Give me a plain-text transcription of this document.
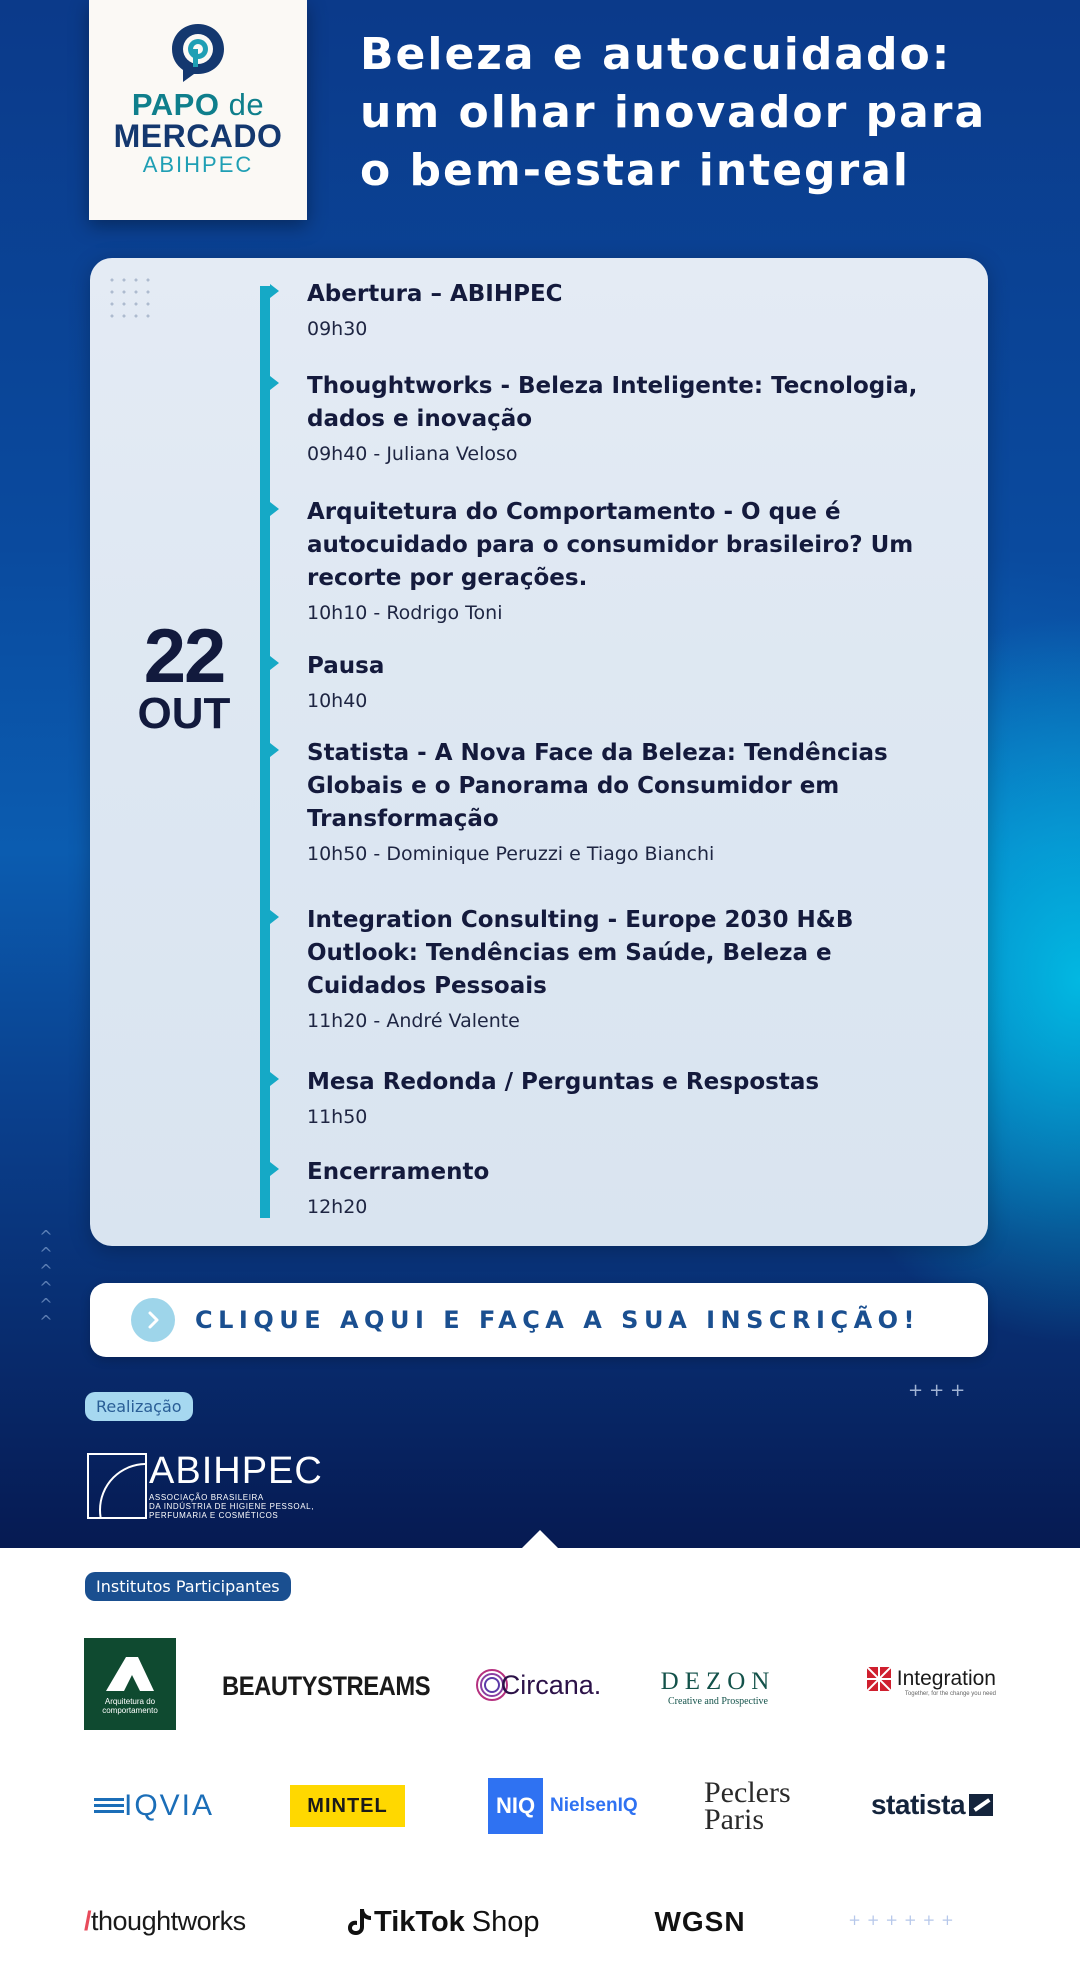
PAPO de
MERCADO
ABIHPEC
Beleza e autocuidado:
um olhar inovador para
o bem-estar integral
22
OUT
Abertura – ABIHPEC
09h30
Thoughtworks - Beleza Inteligente: Tecnologia, dados e inovação
09h40 - Juliana Veloso
Arquitetura do Comportamento - O que é autocuidado para o consumidor brasileiro? Um recorte por gerações.
10h10 - Rodrigo Toni
Pausa
10h40
Statista - A Nova Face da Beleza: Tendências Globais e o Panorama do Consumidor em Transformação
10h50 - Dominique Peruzzi e Tiago Bianchi
Integration Consulting - Europe 2030 H&B Outlook: Tendências em Saúde, Beleza e Cuidados Pessoais
11h20 - André Valente
Mesa Redonda / Perguntas e Respostas
11h50
Encerramento
12h20
^
^
^
^
^
^	CLIQUE AQUI E FAÇA A SUA INSCRIÇÃO!
+++
Realização
ABIHPEC
ASSOCIAÇÃO BRASILEIRA
DA INDÚSTRIA DE HIGIENE PESSOAL,
PERFUMARIA E COSMÉTICOS
Institutos Participantes
Arquitetura do
comportamento
BEAUTYSTREAMS	Circana. DEZON
Creative and Prospective
Integration
Together, for the change you need
IQVIA	MINTEL	NIQ NielsenIQ Peclers
Paris	statista
/thoughtworks	TikTok Shop	WGSN	++++++
